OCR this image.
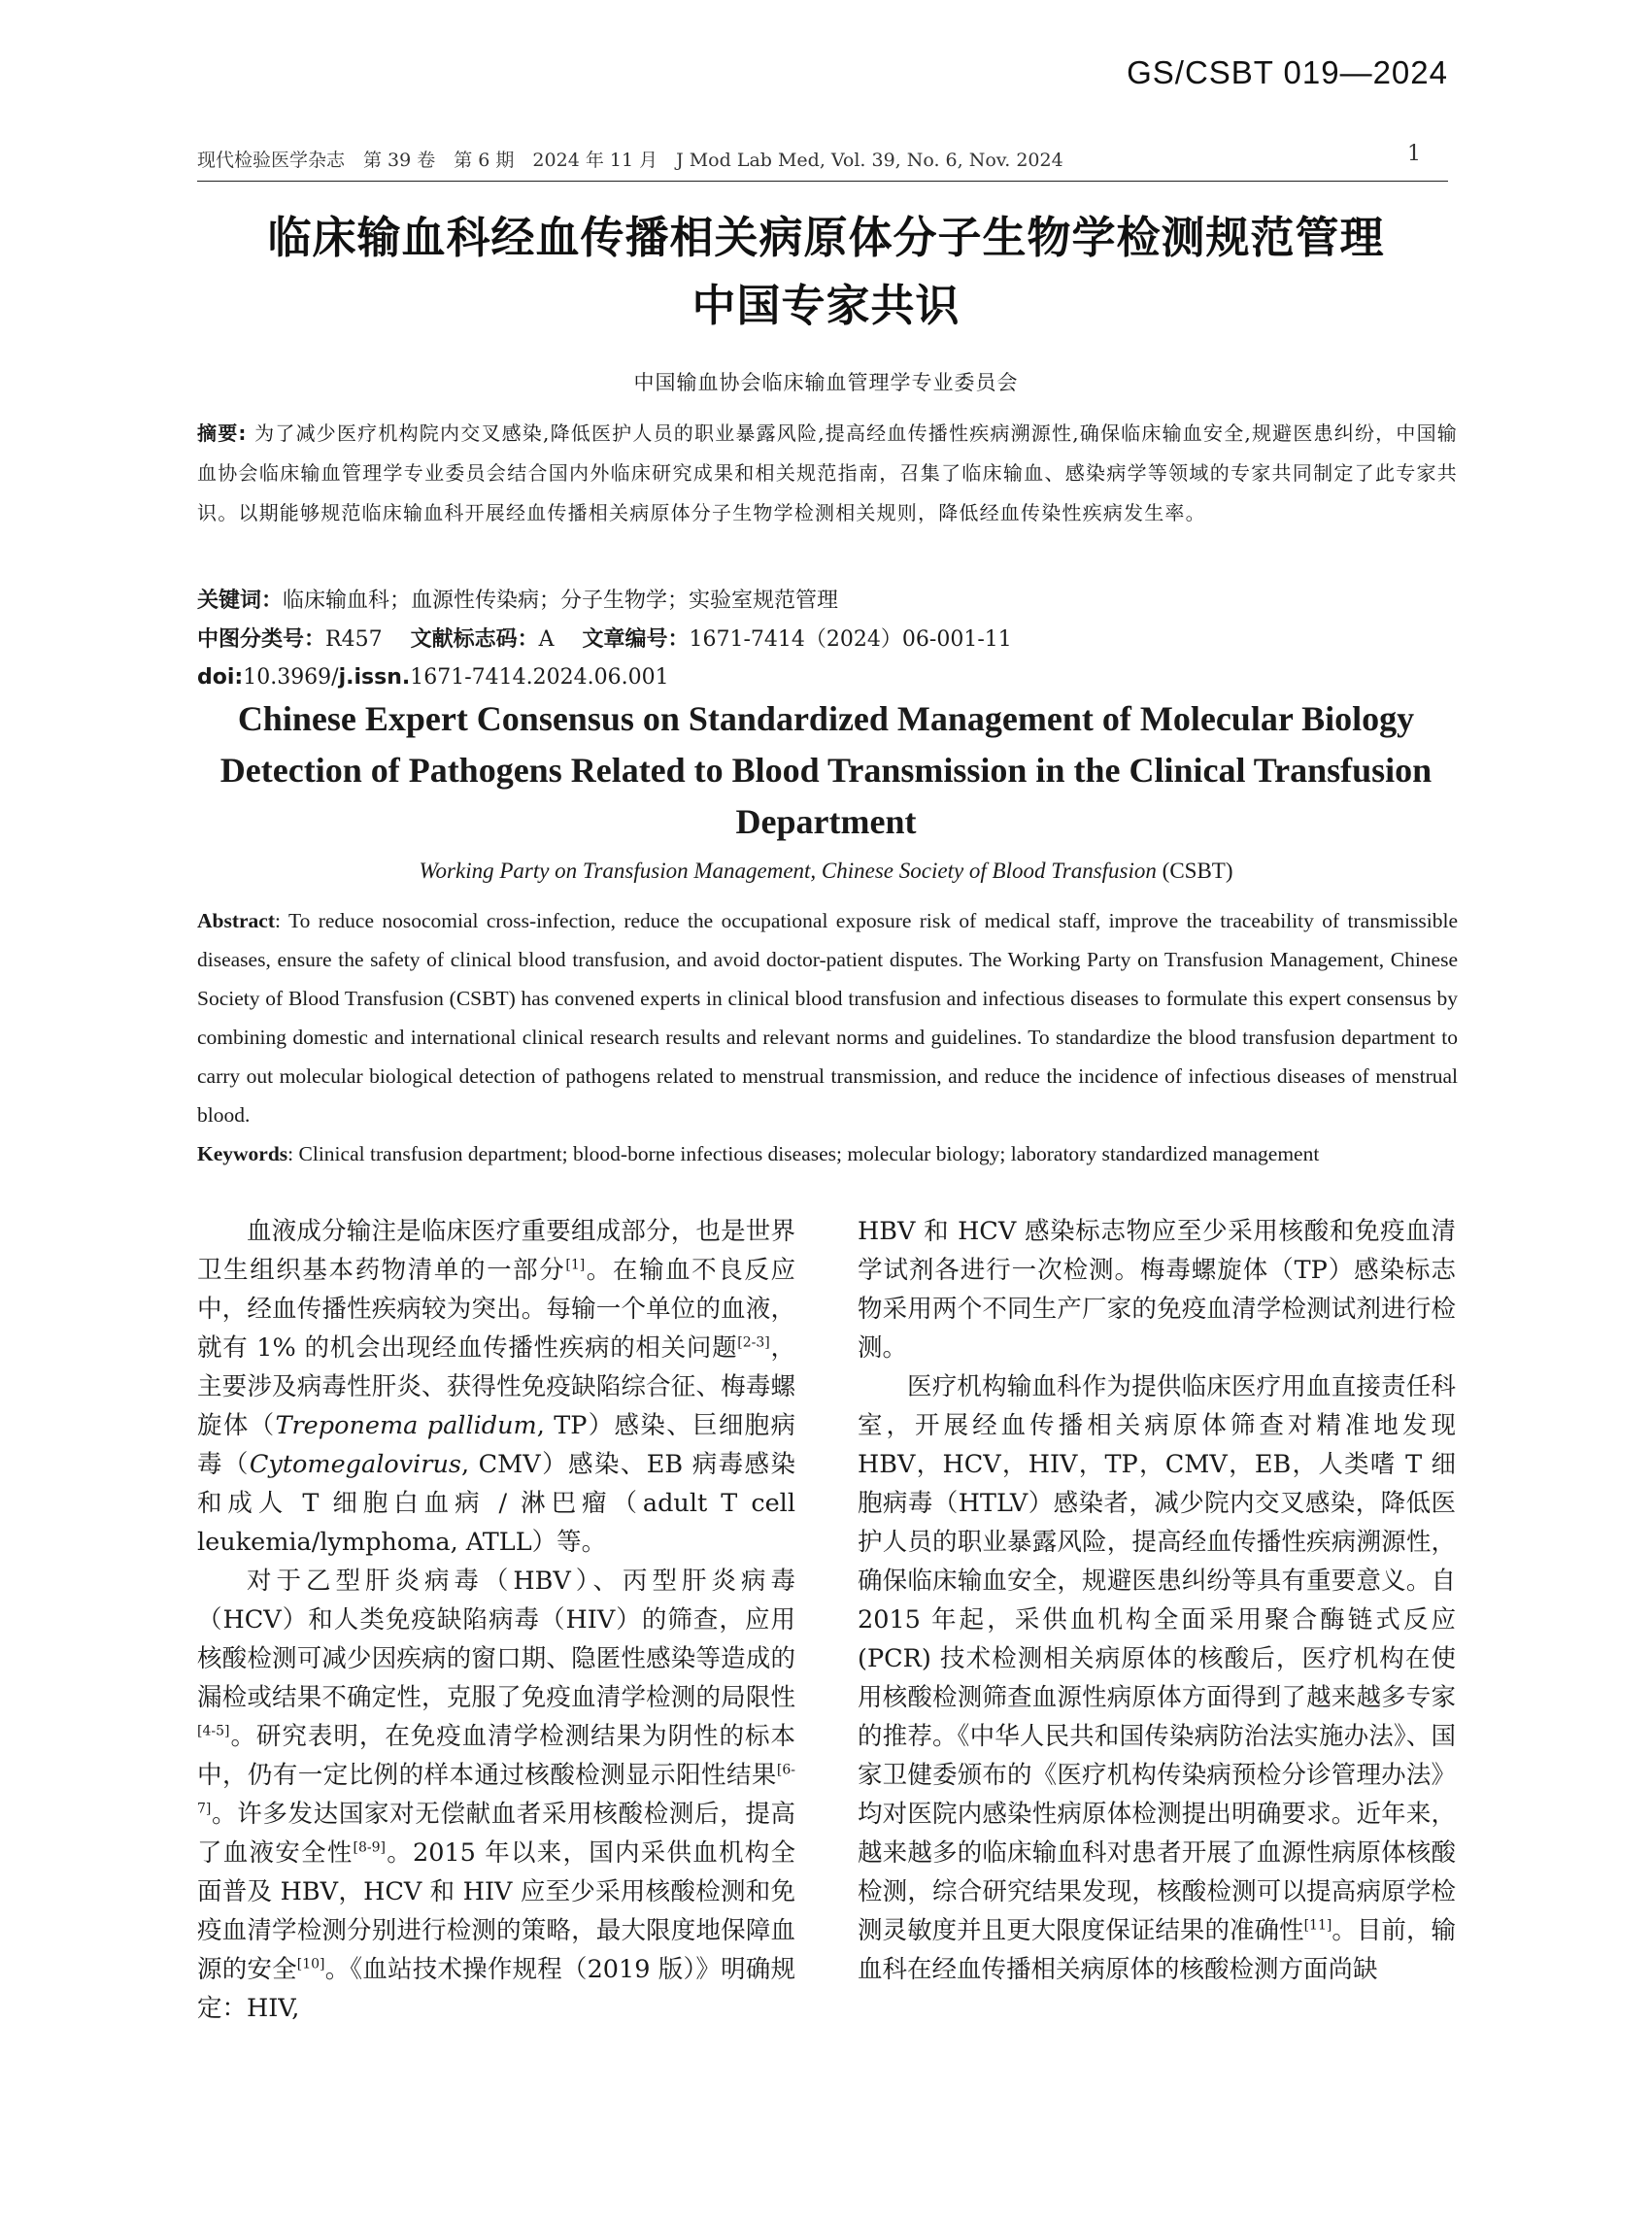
GS/CSBT 019—2024
现代检验医学杂志　第 39 卷　第 6 期　2024 年 11 月　J Mod Lab Med, Vol. 39, No. 6, Nov. 2024	1
临床输血科经血传播相关病原体分子生物学检测规范管理
中国专家共识
中国输血协会临床输血管理学专业委员会
摘要: 为了减少医疗机构院内交叉感染,降低医护人员的职业暴露风险,提高经血传播性疾病溯源性,确保临床输血安全,规避医患纠纷，中国输血协会临床输血管理学专业委员会结合国内外临床研究成果和相关规范指南，召集了临床输血、感染病学等领域的专家共同制定了此专家共识。以期能够规范临床输血科开展经血传播相关病原体分子生物学检测相关规则，降低经血传染性疾病发生率。
关键词：临床输血科；血源性传染病；分子生物学；实验室规范管理
中图分类号：R457　 文献标志码：A　 文章编号：1671-7414（2024）06-001-11
doi:10.3969/j.issn.1671-7414.2024.06.001
Chinese Expert Consensus on Standardized Management of Molecular Biology Detection of Pathogens Related to Blood Transmission in the Clinical Transfusion Department
Working Party on Transfusion Management, Chinese Society of Blood Transfusion (CSBT)
Abstract: To reduce nosocomial cross-infection, reduce the occupational exposure risk of medical staff, improve the traceability of transmissible diseases, ensure the safety of clinical blood transfusion, and avoid doctor-patient disputes. The Working Party on Transfusion Management, Chinese Society of Blood Transfusion (CSBT) has convened experts in clinical blood transfusion and infectious diseases to formulate this expert consensus by combining domestic and international clinical research results and relevant norms and guidelines. To standardize the blood transfusion department to carry out molecular biological detection of pathogens related to menstrual transmission, and reduce the incidence of infectious diseases of menstrual blood.
Keywords: Clinical transfusion department; blood-borne infectious diseases; molecular biology; laboratory standardized management

血液成分输注是临床医疗重要组成部分，也是世界卫生组织基本药物清单的一部分[1]。在输血不良反应中，经血传播性疾病较为突出。每输一个单位的血液，就有 1% 的机会出现经血传播性疾病的相关问题[2-3]，主要涉及病毒性肝炎、获得性免疫缺陷综合征、梅毒螺旋体（Treponema pallidum, TP）感染、巨细胞病毒（Cytomegalovirus, CMV）感染、EB 病毒感染和成人 T 细胞白血病 / 淋巴瘤（adult T cell leukemia/lymphoma, ATLL）等。

对于乙型肝炎病毒（HBV）、丙型肝炎病毒（HCV）和人类免疫缺陷病毒（HIV）的筛查，应用核酸检测可减少因疾病的窗口期、隐匿性感染等造成的漏检或结果不确定性，克服了免疫血清学检测的局限性[4-5]。研究表明，在免疫血清学检测结果为阴性的标本中，仍有一定比例的样本通过核酸检测显示阳性结果[6-7]。许多发达国家对无偿献血者采用核酸检测后，提高了血液安全性[8-9]。2015 年以来，国内采供血机构全面普及 HBV，HCV 和 HIV 应至少采用核酸检测和免疫血清学检测分别进行检测的策略，最大限度地保障血源的安全[10]。《血站技术操作规程（2019 版）》明确规定：HIV,

HBV 和 HCV 感染标志物应至少采用核酸和免疫血清学试剂各进行一次检测。梅毒螺旋体（TP）感染标志物采用两个不同生产厂家的免疫血清学检测试剂进行检测。

医疗机构输血科作为提供临床医疗用血直接责任科室，开展经血传播相关病原体筛查对精准地发现 HBV，HCV，HIV，TP，CMV，EB，人类嗜 T 细胞病毒（HTLV）感染者，减少院内交叉感染，降低医护人员的职业暴露风险，提高经血传播性疾病溯源性，确保临床输血安全，规避医患纠纷等具有重要意义。自 2015 年起，采供血机构全面采用聚合酶链式反应 (PCR) 技术检测相关病原体的核酸后，医疗机构在使用核酸检测筛查血源性病原体方面得到了越来越多专家的推荐。《中华人民共和国传染病防治法实施办法》、国家卫健委颁布的《医疗机构传染病预检分诊管理办法》均对医院内感染性病原体检测提出明确要求。近年来，越来越多的临床输血科对患者开展了血源性病原体核酸检测，综合研究结果发现，核酸检测可以提高病原学检测灵敏度并且更大限度保证结果的准确性[11]。目前，输血科在经血传播相关病原体的核酸检测方面尚缺
